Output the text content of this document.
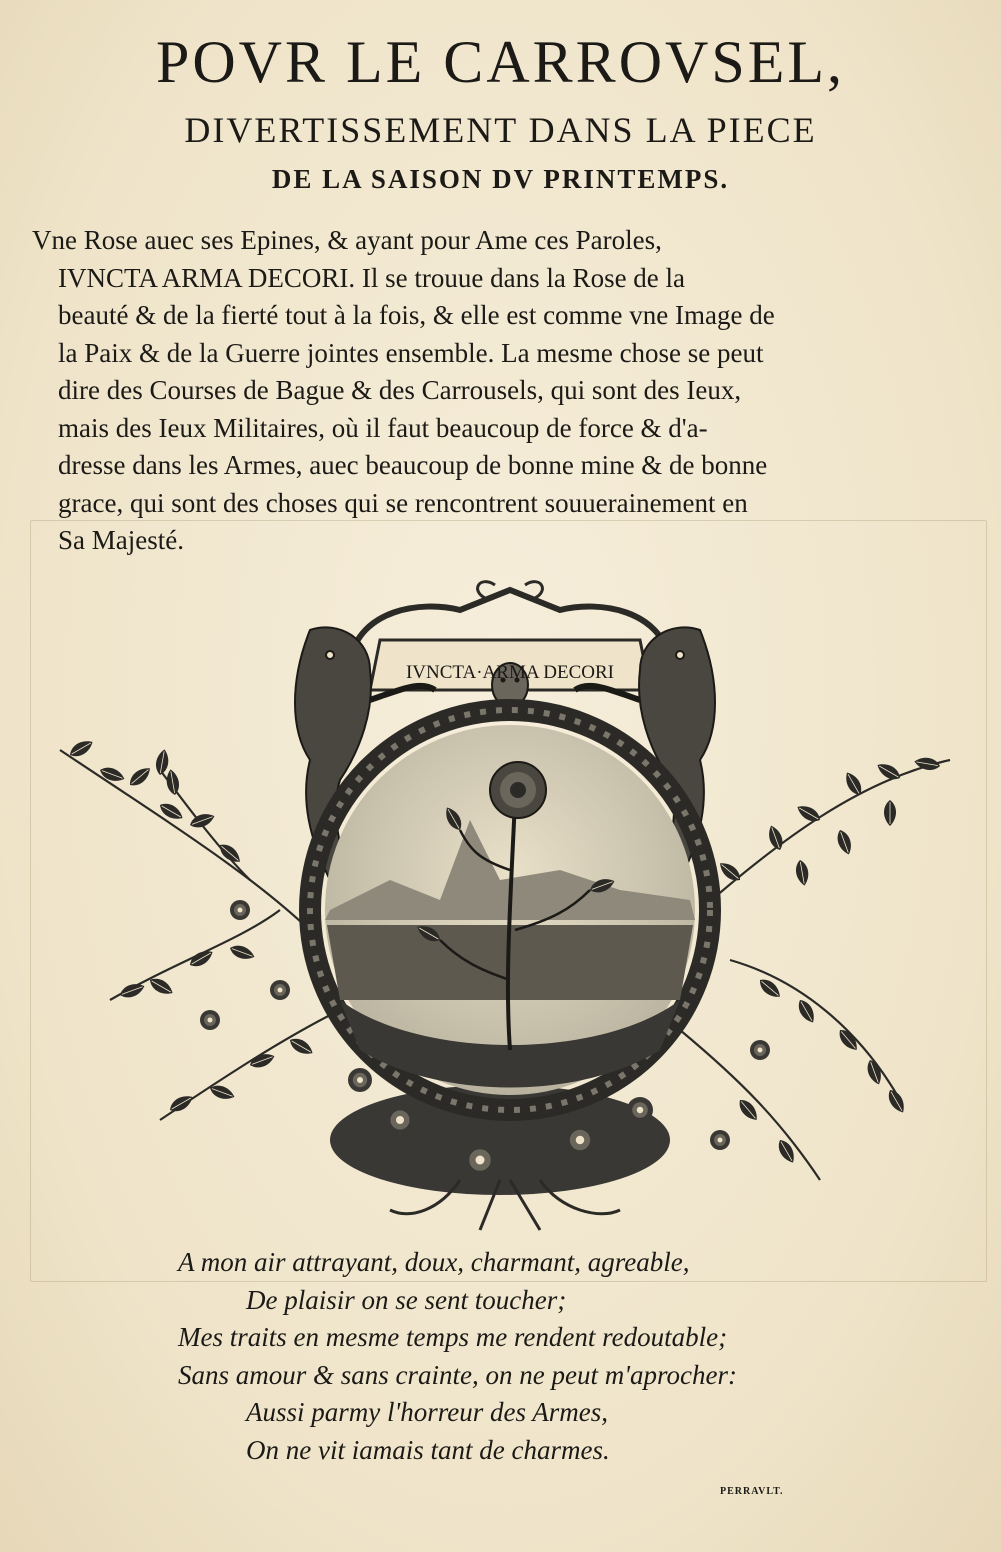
POVR LE CARROVSEL,
DIVERTISSEMENT DANS LA PIECE
DE LA SAISON DV PRINTEMPS.
Vne Rose auec ses Epines, & ayant pour Ame ces Paroles,
IVNCTA ARMA DECORI. Il se trouue dans la Rose de la
beauté & de la fierté tout à la fois, & elle est comme vne Image de
la Paix & de la Guerre jointes ensemble. La mesme chose se peut
dire des Courses de Bague & des Carrousels, qui sont des Ieux,
mais des Ieux Militaires, où il faut beaucoup de force & d'a-
dresse dans les Armes, auec beaucoup de bonne mine & de bonne
grace, qui sont des choses qui se rencontrent souuerainement en
Sa Majesté.
IVNCTA·ARMA DECORI
A mon air attrayant, doux, charmant, agreable,
De plaisir on se sent toucher;
Mes traits en mesme temps me rendent redoutable;
Sans amour & sans crainte, on ne peut m'aprocher:
Aussi parmy l'horreur des Armes,
On ne vit iamais tant de charmes.
PERRAVLT.
